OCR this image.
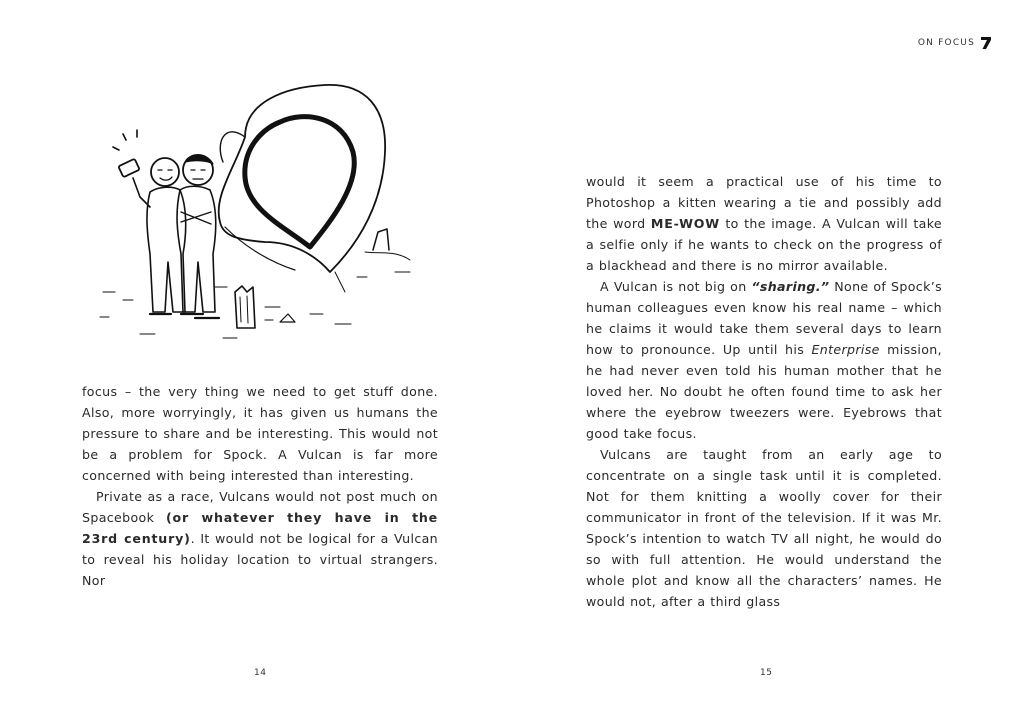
focus – the very thing we need to get stuff done. Also, more worryingly, it has given us humans the pressure to share and be interesting. This would not be a problem for Spock. A Vulcan is far more concerned with being interested than interesting.

Private as a race, Vulcans would not post much on Spacebook (or whatever they have in the 23rd century). It would not be logical for a Vulcan to reveal his holiday location to virtual strangers. Nor

14
ON FOCUS

would it seem a practical use of his time to Photoshop a kitten wearing a tie and possibly add the word ME-WOW to the image. A Vulcan will take a selfie only if he wants to check on the progress of a blackhead and there is no mirror available.

A Vulcan is not big on “sharing.” None of Spock’s human colleagues even know his real name – which he claims it would take them several days to learn how to pronounce. Up until his Enterprise mission, he had never even told his human mother that he loved her. No doubt he often found time to ask her where the eyebrow tweezers were. Eyebrows that good take focus.

Vulcans are taught from an early age to concentrate on a single task until it is completed. Not for them knitting a woolly cover for their communicator in front of the television. If it was Mr. Spock’s intention to watch TV all night, he would do so with full attention. He would understand the whole plot and know all the characters’ names. He would not, after a third glass

15
